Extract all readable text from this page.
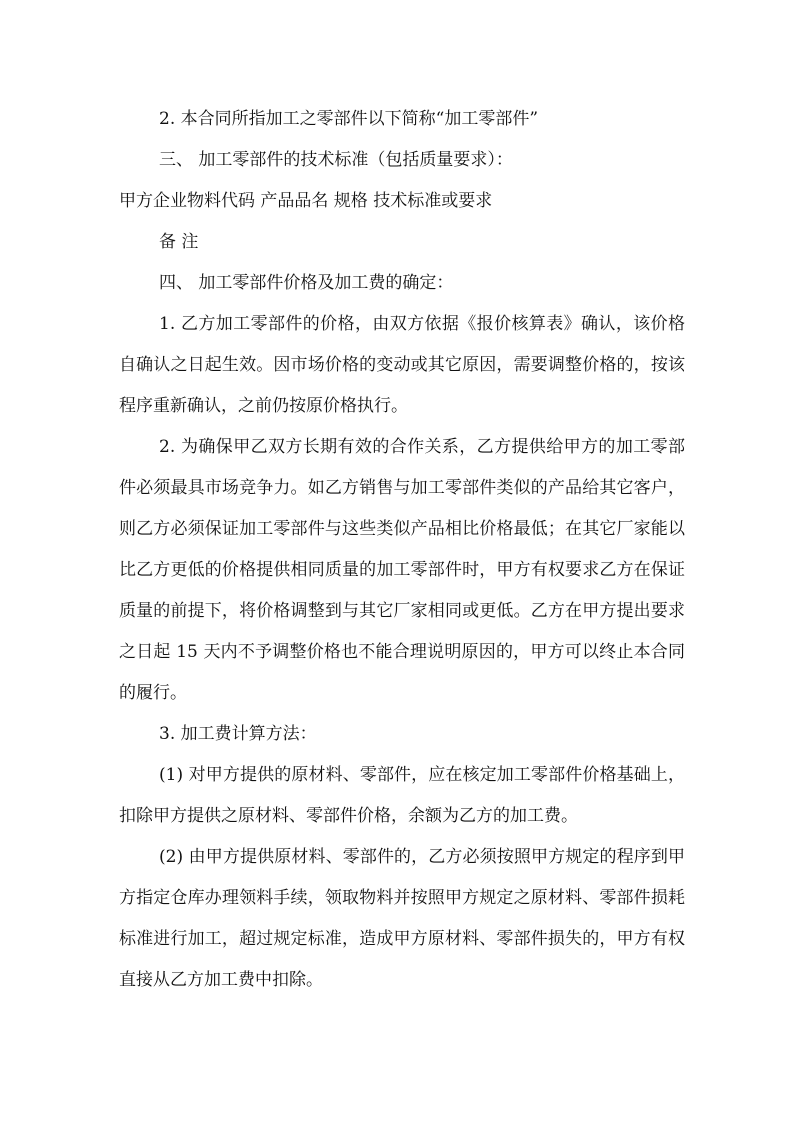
2. 本合同所指加工之零部件以下简称“加工零部件”

三、 加工零部件的技术标准（包括质量要求）：

甲方企业物料代码 产品品名 规格 技术标准或要求

备 注

四、 加工零部件价格及加工费的确定：

1. 乙方加工零部件的价格，由双方依据《报价核算表》确认，该价格自确认之日起生效。因市场价格的变动或其它原因，需要调整价格的，按该程序重新确认，之前仍按原价格执行。

2. 为确保甲乙双方长期有效的合作关系，乙方提供给甲方的加工零部件必须最具市场竞争力。如乙方销售与加工零部件类似的产品给其它客户，则乙方必须保证加工零部件与这些类似产品相比价格最低；在其它厂家能以比乙方更低的价格提供相同质量的加工零部件时，甲方有权要求乙方在保证质量的前提下，将价格调整到与其它厂家相同或更低。乙方在甲方提出要求之日起 15 天内不予调整价格也不能合理说明原因的，甲方可以终止本合同的履行。

3. 加工费计算方法：

(1) 对甲方提供的原材料、零部件，应在核定加工零部件价格基础上，扣除甲方提供之原材料、零部件价格，余额为乙方的加工费。

(2) 由甲方提供原材料、零部件的，乙方必须按照甲方规定的程序到甲方指定仓库办理领料手续，领取物料并按照甲方规定之原材料、零部件损耗标准进行加工，超过规定标准，造成甲方原材料、零部件损失的，甲方有权直接从乙方加工费中扣除。
